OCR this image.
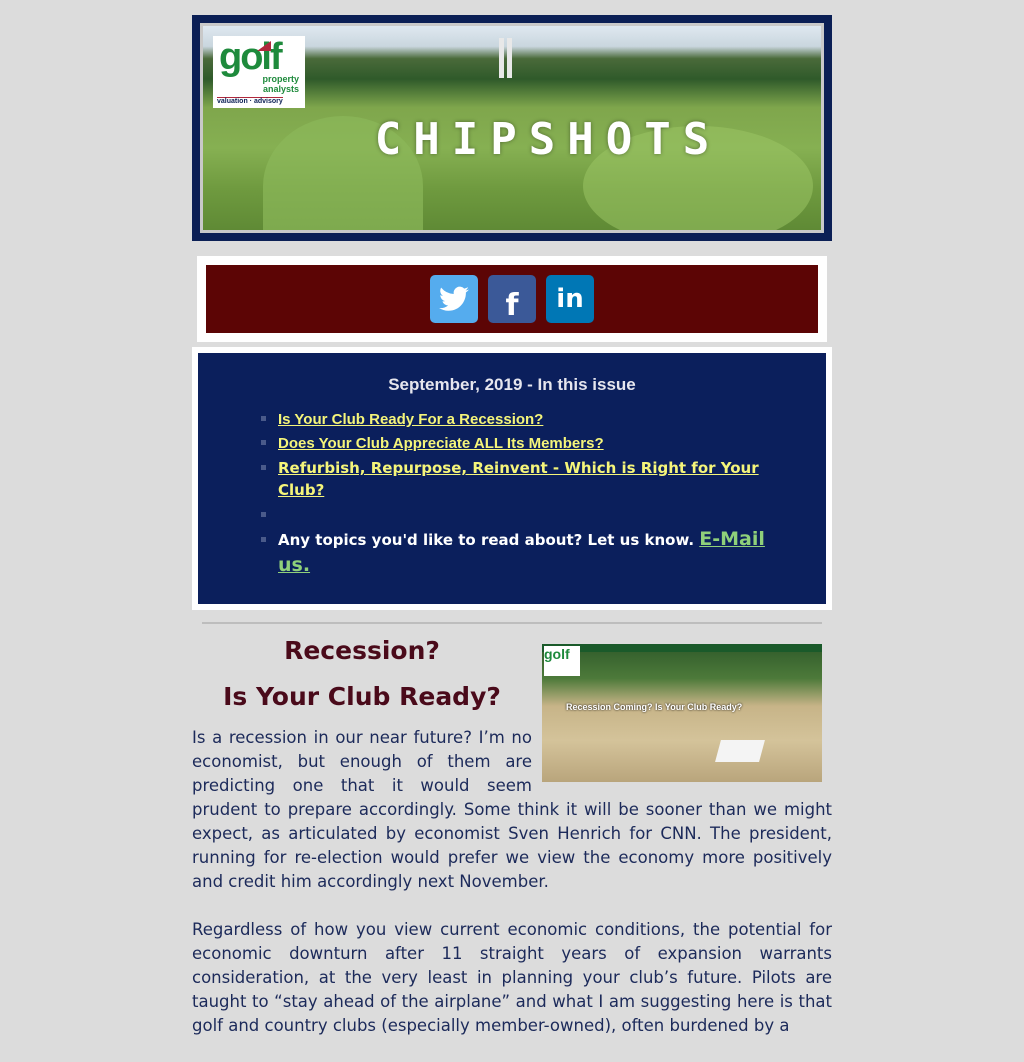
golf
property
analysts
valuation · advisory
CHIPSHOTS
f	in
September, 2019 - In this issue
▪ Is Your Club Ready For a Recession?
▪ Does Your Club Appreciate ALL Its Members?
▪ Refurbish, Repurpose, Reinvent - Which is Right for Your Club?
▪
▪ Any topics you'd like to read about? Let us know. E-Mail us.
Recession?
Is Your Club Ready?
golf
Recession Coming? Is Your Club Ready?

Is a recession in our near future? I’m no economist, but enough of them are predicting one that it would seem prudent to prepare accordingly. Some think it will be sooner than we might expect, as articulated by economist Sven Henrich for CNN. The president, running for re-election would prefer we view the economy more positively and credit him accordingly next November.

Regardless of how you view current economic conditions, the potential for economic downturn after 11 straight years of expansion warrants consideration, at the very least in planning your club’s future. Pilots are taught to “stay ahead of the airplane” and what I am suggesting here is that golf and country clubs (especially member-owned), often burdened by a
